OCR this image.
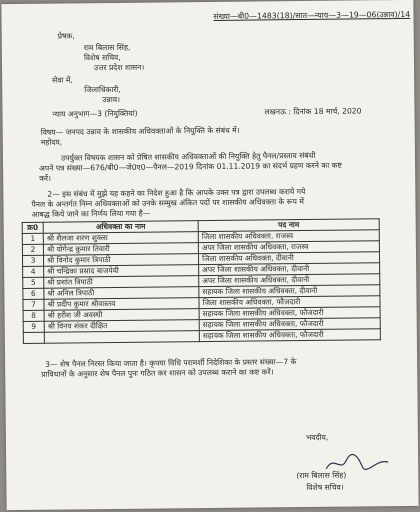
संख्या—बी0—1483(18)/सात—न्याय—3—19—06(उन्नाव)/14
प्रेषक,
राम बिलास सिंह,
विशेष सचिव,
उत्तर प्रदेश शासन।
सेवा में,
जिलाधिकारी,
उन्नाव।
न्याय अनुभाग—3 (नियुक्तियां)	लखनऊ : दिनांक 18 मार्च, 2020
विषय— जनपद उन्नाव के शासकीय अधिवक्ताओं के नियुक्ति के संबंध में।
महोदय,
उपर्युक्त विषयक शासन को प्रेषित शासकीय अधिवक्ताओं की नियुक्ति हेतु पैनल/प्रस्ताव संबंधी
अपने पत्र संख्या—676/बी0—जे0ए0—पैनल—2019 दिनांक 01.11.2019 का संदर्भ ग्रहण करने का कष्ट
करें।
2— इस संबंध में मुझे यह कहने का निदेश हुआ है कि आपके उक्त पत्र द्वारा उपलब्ध कराये गये
पैनल के अन्तर्गत निम्न अधिवक्ताओं को उनके सम्मुख अंकित पदों पर शासकीय अधिवक्ता के रूप में
आबद्ध किये जाने का निर्णय लिया गया है—
क्र0	अधिवक्ता का नाम	पद नाम
1	श्री शैलजा शरण शुक्ला	जिला शासकीय अधिवक्ता, राजस्व
2	श्री योगेन्द्र कुमार तिवारी	अपर जिला शासकीय अधिवक्ता, राजस्व
3	श्री विनोद कुमार त्रिपाठी	जिला शासकीय अधिवक्ता, दीवानी
4	श्री चन्द्रिका प्रसाद बाजपेयी	अपर जिला शासकीय अधिवक्ता, दीवानी
5	श्री प्रशांत त्रिपाठी	अपर जिला शासकीय अधिवक्ता, दीवानी
6	श्री अनिल त्रिपाठी	सहायक जिला शासकीय अधिवक्ता, दीवानी
7	श्री प्रदीप कुमार श्रीवास्तव	जिला शासकीय अधिवक्ता, फौजदारी
8	श्री हरीश जी अवस्थी	सहायक जिला शासकीय अधिवक्ता, फौजदारी
9	श्री विनय शंकर दीक्षित	सहायक जिला शासकीय अधिवक्ता, फौजदारी
		सहायक जिला शासकीय अधिवक्ता, फौजदारी
3— शेष पैनल निरस्त किया जाता है। कृपया विधि परामर्शी निदेशिका के प्रस्तर संख्या—7 के
प्राविधानों के अनुसार शेष पैनल पुनः गठित कर शासन को उपलब्ध कराने का कष्ट करें।
भवदीय,
(राम बिलास सिंह)
विशेष सचिव।
